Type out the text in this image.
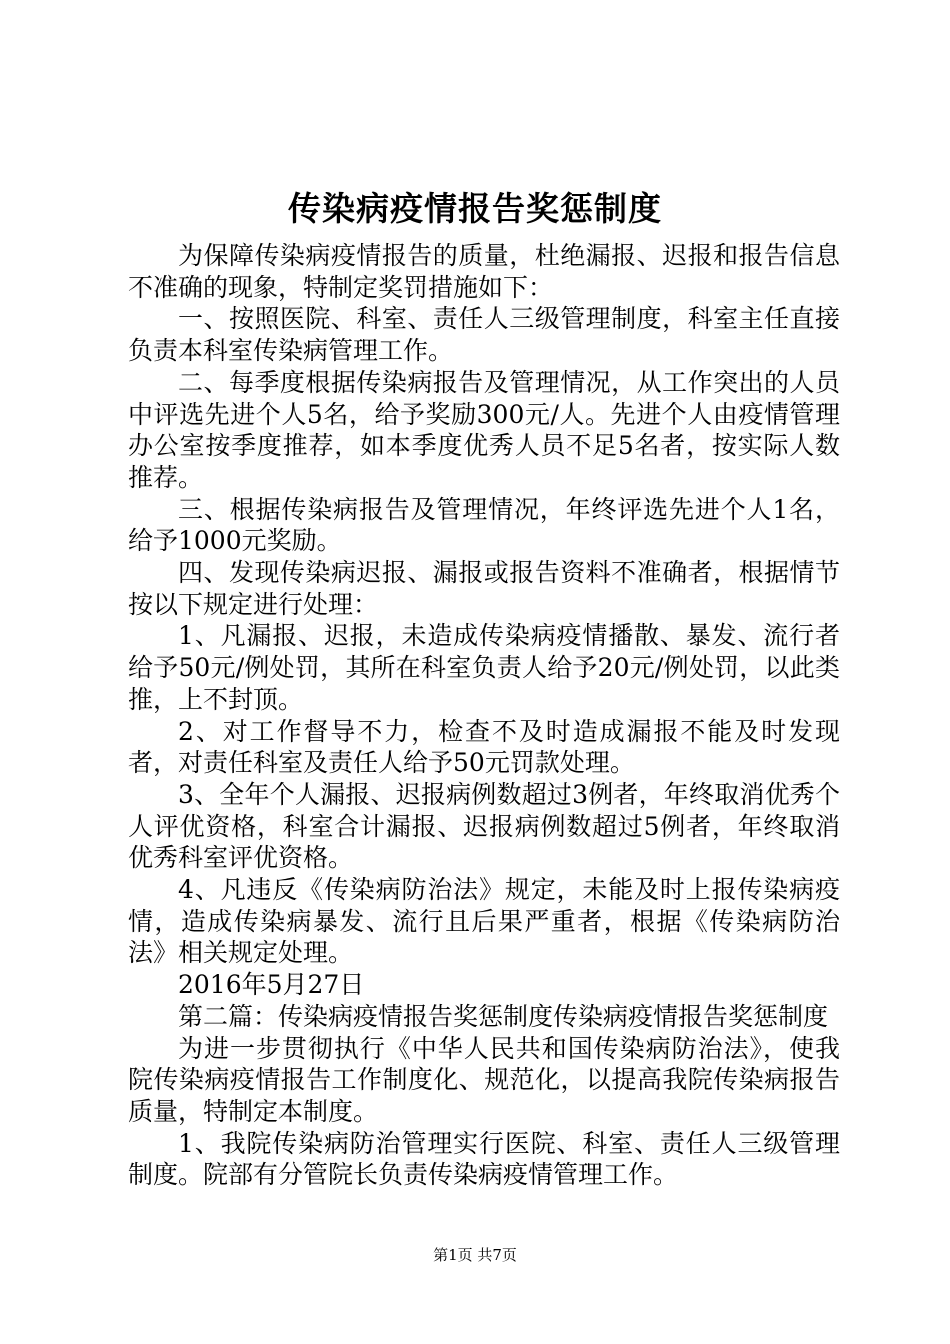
传染病疫情报告奖惩制度

为保障传染病疫情报告的质量，杜绝漏报、迟报和报告信息不准确的现象，特制定奖罚措施如下：

一、按照医院、科室、责任人三级管理制度，科室主任直接负责本科室传染病管理工作。

二、每季度根据传染病报告及管理情况，从工作突出的人员中评选先进个人5名，给予奖励300元/人。先进个人由疫情管理办公室按季度推荐，如本季度优秀人员不足5名者，按实际人数推荐。

三、根据传染病报告及管理情况，年终评选先进个人1名，给予1000元奖励。

四、发现传染病迟报、漏报或报告资料不准确者，根据情节按以下规定进行处理：

1、凡漏报、迟报，未造成传染病疫情播散、暴发、流行者给予50元/例处罚，其所在科室负责人给予20元/例处罚，以此类推，上不封顶。

2、对工作督导不力，检查不及时造成漏报不能及时发现者，对责任科室及责任人给予50元罚款处理。

3、全年个人漏报、迟报病例数超过3例者，年终取消优秀个人评优资格，科室合计漏报、迟报病例数超过5例者，年终取消优秀科室评优资格。

4、凡违反《传染病防治法》规定，未能及时上报传染病疫情，造成传染病暴发、流行且后果严重者，根据《传染病防治法》相关规定处理。

2016年5月27日

第二篇：传染病疫情报告奖惩制度传染病疫情报告奖惩制度

为进一步贯彻执行《中华人民共和国传染病防治法》，使我院传染病疫情报告工作制度化、规范化，以提高我院传染病报告质量，特制定本制度。

1、我院传染病防治管理实行医院、科室、责任人三级管理制度。院部有分管院长负责传染病疫情管理工作。

第1页 共7页
